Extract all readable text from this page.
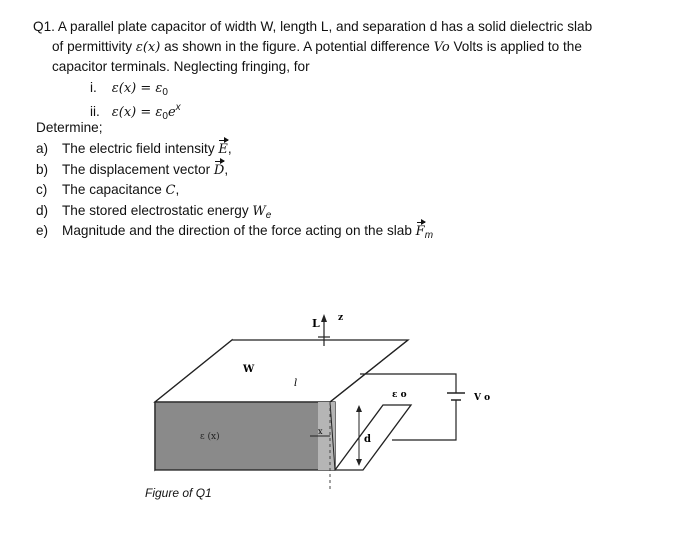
Q1. A parallel plate capacitor of width W, length L, and separation d has a solid dielectric slab
of permittivity ε(x) as shown in the figure. A potential difference Vo Volts is applied to the
capacitor terminals. Neglecting fringing, for
i. $\varepsilon(x) = \varepsilon_0$
ii. $\varepsilon(x) = \varepsilon_0e^x$
Determine;
a) The electric field intensity E,
b) The displacement vector D,
c) The capacitance C,
d) The stored electrostatic energy $W_e$
e) Magnitude and the direction of the force acting on the slab $F_m$
L z
W
l
ε o	V o
ε (x)
x
d
Figure of Q1
